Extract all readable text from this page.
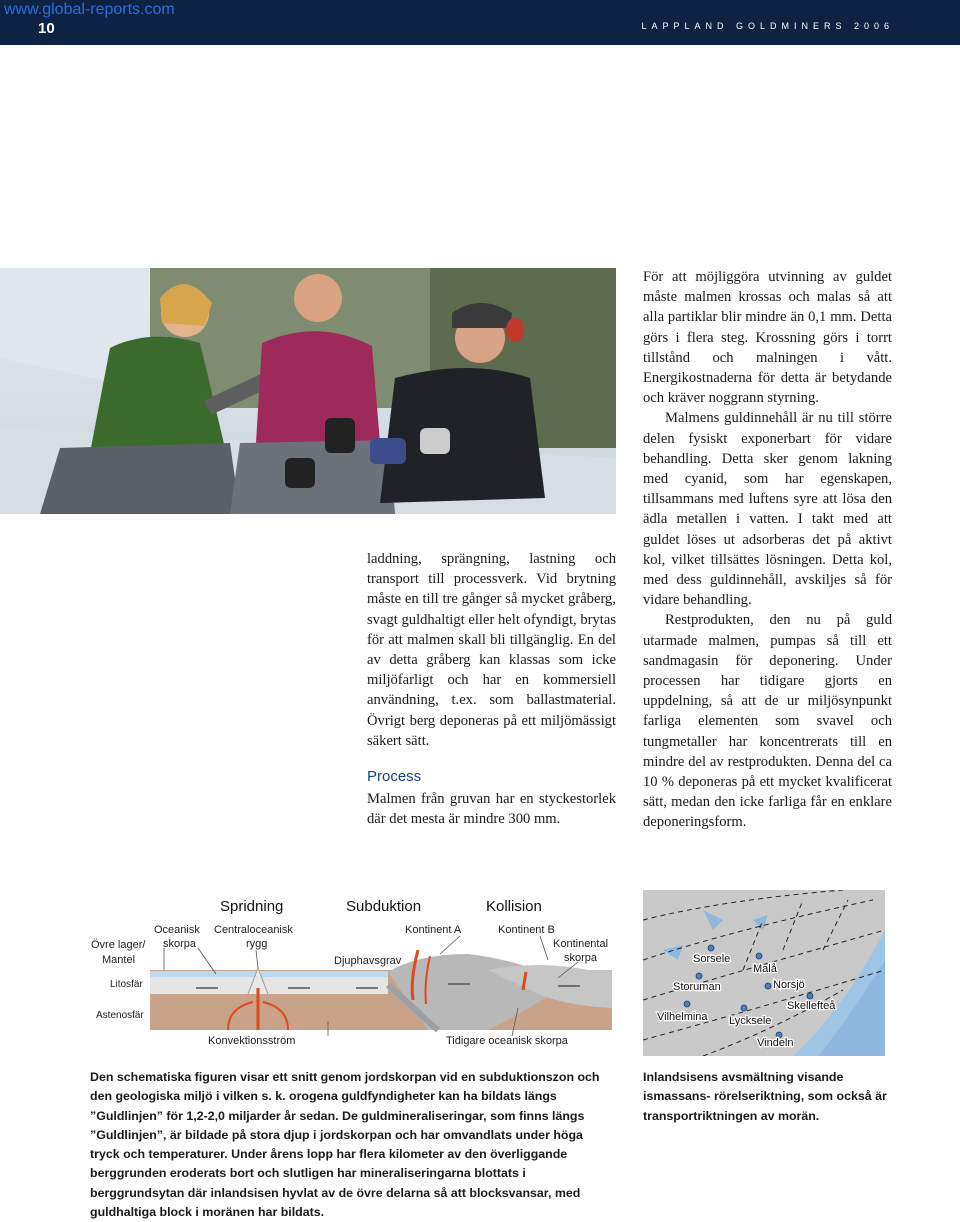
www.global-reports.com
10	LAPPLAND GOLDMINERS 2006

laddning, sprängning, lastning och transport till processverk. Vid brytning måste en till tre gånger så mycket gråberg, svagt guldhaltigt eller helt ofyndigt, brytas för att malmen skall bli tillgänglig. En del av detta gråberg kan klassas som icke miljöfarligt och har en kommersiell användning, t.ex. som ballastmaterial. Övrigt berg deponeras på ett miljömässigt säkert sätt.

Process

Malmen från gruvan har en styckestorlek där det mesta är mindre 300 mm.

För att möjliggöra utvinning av guldet måste malmen krossas och malas så att alla partiklar blir mindre än 0,1 mm. Detta görs i flera steg. Krossning görs i torrt tillstånd och malningen i vått. Energikostnaderna för detta är betydande och kräver noggrann styrning.

Malmens guldinnehåll är nu till större delen fysiskt exponerbart för vidare behandling. Detta sker genom lakning med cyanid, som har egenskapen, tillsammans med luftens syre att lösa den ädla metallen i vatten. I takt med att guldet löses ut adsorberas det på aktivt kol, vilket tillsättes lösningen. Detta kol, med dess guldinnehåll, avskiljes så för vidare behandling.

Restprodukten, den nu på guld utarmade malmen, pumpas så till ett sandmagasin för deponering. Under processen har tidigare gjorts en uppdelning, så att de ur miljösynpunkt farliga elementen som svavel och tungmetaller har koncentrerats till en mindre del av restprodukten. Denna del ca 10 % deponeras på ett mycket kvalificerat sätt, medan den icke farliga får en enklare deponeringsform.

Spridning	Subduktion	Kollision
Övre lager/
Mantel
Oceanisk
skorpa
Centraloceanisk
rygg
Djuphavsgrav
Kontinent A	Kontinent B
Kontinental
skorpa
Litosfär
Astenosfär
Konvektionsström	Tidigare oceanisk skorpa
Sorsele
Malå
Storuman	Norsjö
Skellefteå
Vilhelmina Lycksele
Vindeln
Den schematiska figuren visar ett snitt genom jordskorpan vid en subduktionszon och den geologiska miljö i vilken s. k. orogena guldfyndigheter kan ha bildats längs ”Guldlinjen” för 1,2-2,0 miljarder år sedan. De guldmineraliseringar, som finns längs ”Guldlinjen”, är bildade på stora djup i jordskorpan och har omvandlats under höga tryck och temperaturer. Under årens lopp har flera kilometer av den överliggande berggrunden eroderats bort och slutligen har mineraliseringarna blottats i berggrundsytan där inlandsisen hyvlat av de övre delarna så att blocksvansar, med guldhaltiga block i moränen har bildats.
Inlandsisens avsmältning visande ismassans- rörelseriktning, som också är transportriktningen av morän.
